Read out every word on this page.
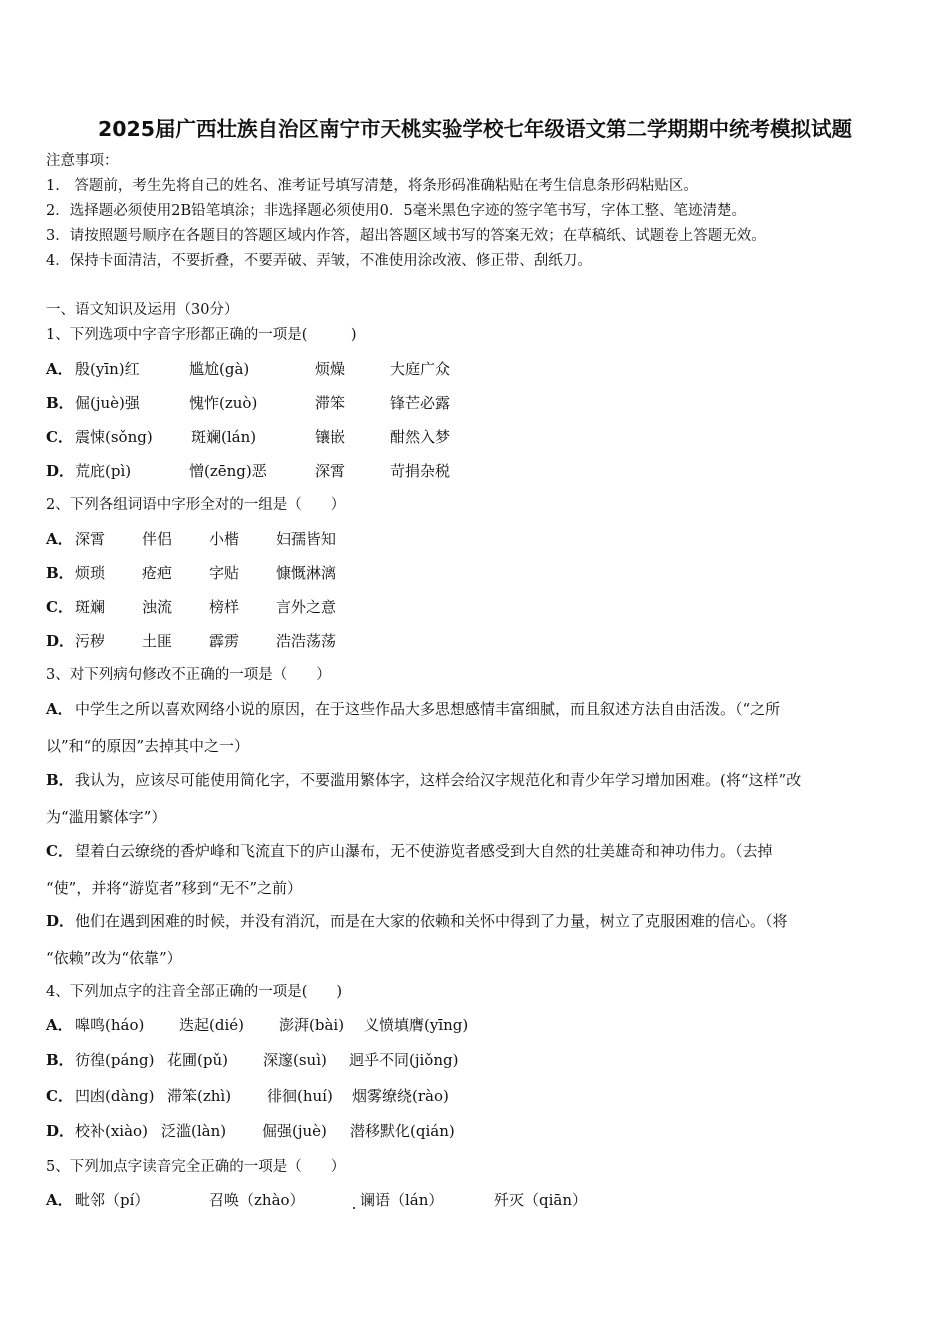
2025届广西壮族自治区南宁市天桃实验学校七年级语文第二学期期中统考模拟试题
注意事项：
1.　答题前，考生先将自己的姓名、准考证号填写清楚，将条形码准确粘贴在考生信息条形码粘贴区。
2．选择题必须使用2B铅笔填涂；非选择题必须使用0．5毫米黑色字迹的签字笔书写，字体工整、笔迹清楚。
3．请按照题号顺序在各题目的答题区域内作答，超出答题区域书写的答案无效；在草稿纸、试题卷上答题无效。
4．保持卡面清洁，不要折叠，不要弄破、弄皱，不准使用涂改液、修正带、刮纸刀。
一、语文知识及运用（30分）
1、下列选项中字音字形都正确的一项是(　　　)
A． 殷(yīn)红	尴尬(gà)	烦燥	大庭广众
B． 倔(juè)强	愧怍(zuò)	滞笨	锋芒必露
C． 震悚(sǒng)	斑斓(lán)	镶嵌	酣然入梦
D． 荒庇(pì)	憎(zēng)恶	深霄	苛捐杂税
2、下列各组词语中字形全对的一组是（　　）
A． 深霄 伴侣 小楷 妇孺皆知
B． 烦琐 疮疤 字贴 慷慨淋漓
C． 斑斓 浊流 榜样 言外之意
D． 污秽 土匪 霹雳 浩浩荡荡
3、对下列病句修改不正确的一项是（　　）
A． 中学生之所以喜欢网络小说的原因，在于这些作品大多思想感情丰富细腻，而且叙述方法自由活泼。（“之所
以”和“的原因”去掉其中之一）
B． 我认为，应该尽可能使用简化字，不要滥用繁体字，这样会给汉字规范化和青少年学习增加困难。(将“这样”改
为“滥用繁体字”）
C． 望着白云缭绕的香炉峰和飞流直下的庐山瀑布，无不使游览者感受到大自然的壮美雄奇和神功伟力。（去掉
“使”，并将“游览者”移到“无不”之前）
D． 他们在遇到困难的时候，并没有消沉，而是在大家的依赖和关怀中得到了力量，树立了克服困难的信心。（将
“依赖”改为“依靠”）
4、下列加点字的注音全部正确的一项是(　　)
A． 嗥鸣(háo) 迭起(dié) 澎湃(bài) 义愤填膺(yīng)
B． 彷徨(páng) 花圃(pǔ) 深邃(suì) 迥乎不同(jiǒng)
C． 凹凼(dàng) 滞笨(zhì) 徘徊(huí) 烟雾缭绕(rào)
D． 校补(xiào) 泛滥(làn) 倔强(juè) 潜移默化(qián)
5、下列加点字读音完全正确的一项是（　　）
A． 毗邻（pí）	召唤（zhào）	谰语（lán）	歼灭（qiān）
